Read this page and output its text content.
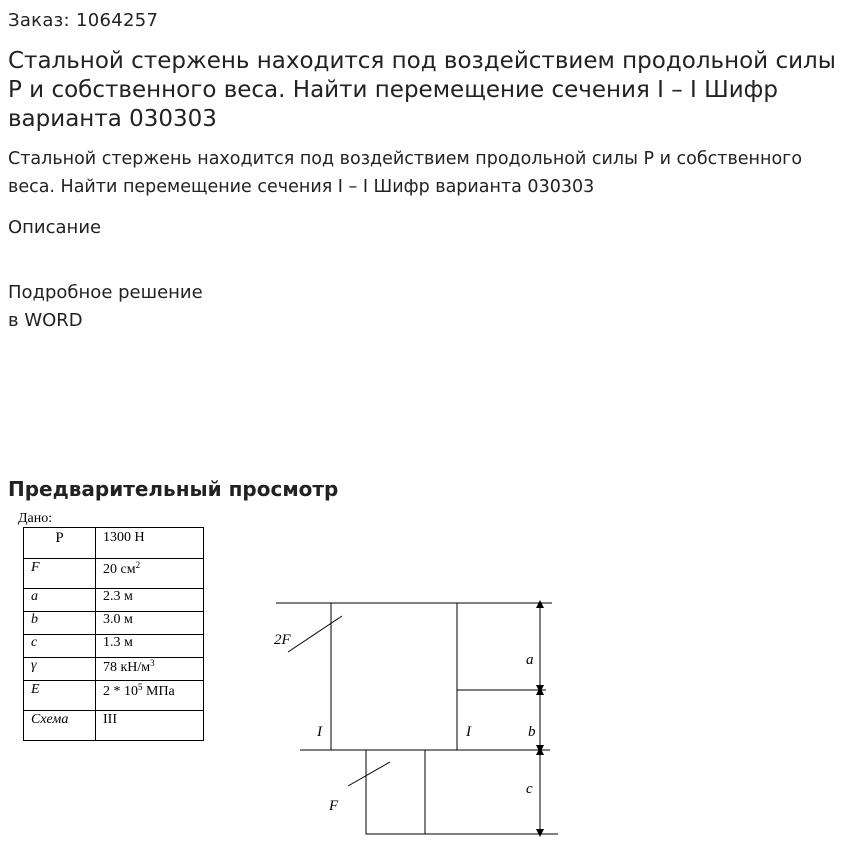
Заказ: 1064257
Стальной стержень находится под воздействием продольной силы Р и собственного веса. Найти перемещение сечения I – I Шифр варианта 030303
Стальной стержень находится под воздействием продольной силы Р и собственного веса. Найти перемещение сечения I – I Шифр варианта 030303
Описание
Подробное решение
в WORD
Предварительный просмотр
Дано:
P	1300 Н
F	20 $см^2$
a	2.3 м
b	3.0 м
c	1.3 м
γ	78 $кН/м^3$
E	$2 * 10^5$ МПа
Схема	III
2F
F
I	I
a
b
c
